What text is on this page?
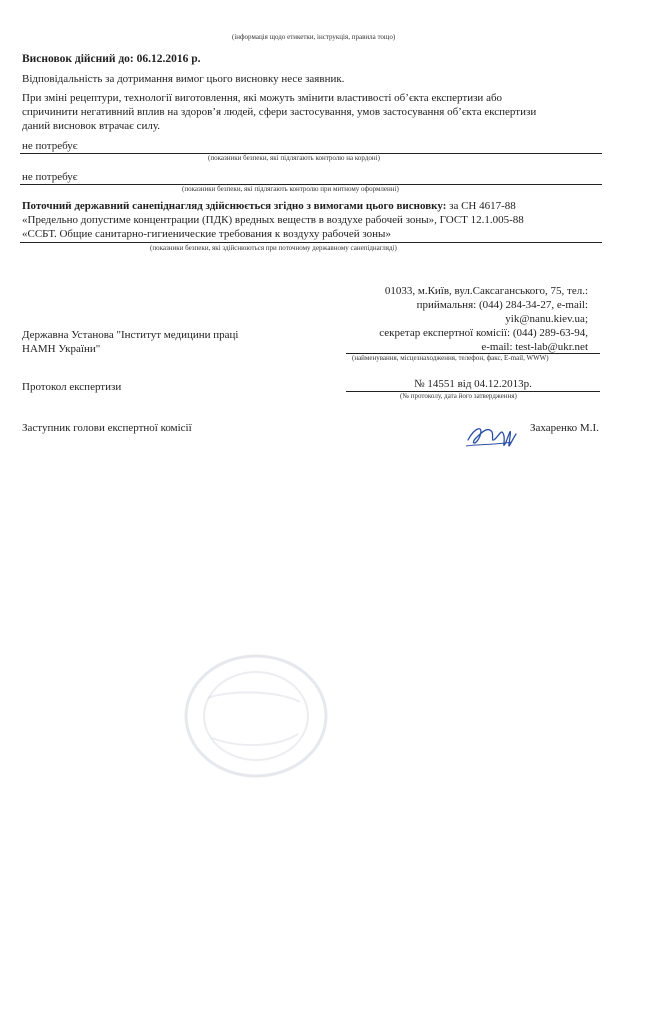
(інформація щодо етикетки, інструкція, правила тощо)
Висновок дійсний до: 06.12.2016 р.
Відповідальність за дотримання вимог цього висновку несе заявник.
При зміні рецептури, технології виготовлення, які можуть змінити властивості об’єкта експертизи або
спричинити негативний вплив на здоров’я людей, сфери застосування, умов застосування об’єкта експертизи
даний висновок втрачає силу.
не потребує
(показники безпеки, які підлягають контролю на кордоні)
не потребує
(показники безпеки, які підлягають контролю при митному оформленні)
Поточний державний санепіднагляд здійснюється згідно з вимогами цього висновку: за СН 4617-88
«Предельно допустиме концентрации (ПДК) вредных веществ в воздухе рабочей зоны», ГОСТ 12.1.005-88
«ССБТ. Общие санитарно-гигиенические требования к воздуху рабочей зоны»
(показники безпеки, які здійснюються при поточному державному санепіднагляді)
01033, м.Київ, вул.Саксаганського, 75, тел.:
приймальня: (044) 284-34-27, e-mail:
yik@nanu.kiev.ua;
секретар експертної комісії: (044) 289-63-94,
e-mail: test-lab@ukr.net
(найменування, місцезнаходження, телефон, факс, E-mail, WWW)
Державна Установа "Інститут медицини праці
НАМН України"
Протокол експертизи	№ 14551 від 04.12.2013р.
(№ протоколу, дата його затвердження)
Заступник голови експертної комісії	Захаренко М.І.
